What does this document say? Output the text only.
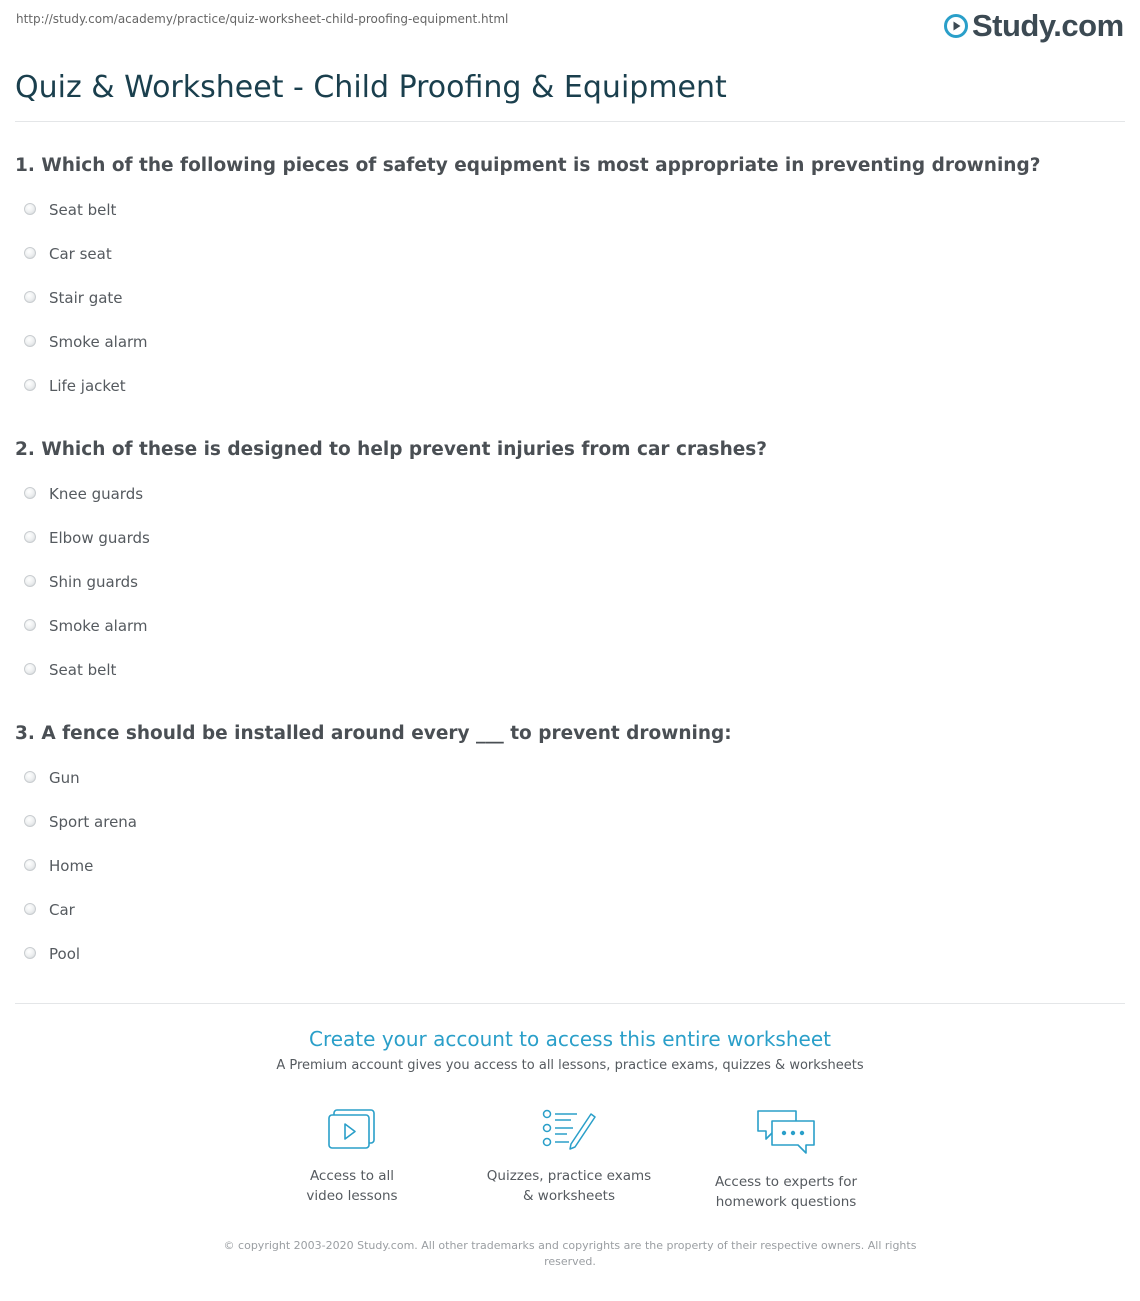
http://study.com/academy/practice/quiz-worksheet-child-proofing-equipment.html	Study.com
Quiz & Worksheet - Child Proofing & Equipment
1. Which of the following pieces of safety equipment is most appropriate in preventing drowning?
Seat belt
Car seat
Stair gate
Smoke alarm
Life jacket
2. Which of these is designed to help prevent injuries from car crashes?
Knee guards
Elbow guards
Shin guards
Smoke alarm
Seat belt
3. A fence should be installed around every ___ to prevent drowning:
Gun
Sport arena
Home
Car
Pool
Create your account to access this entire worksheet
A Premium account gives you access to all lessons, practice exams, quizzes & worksheets
Access to all
video lessons
Quizzes, practice exams
& worksheets
Access to experts for
homework questions
© copyright 2003-2020 Study.com. All other trademarks and copyrights are the property of their respective owners. All rights
reserved.
